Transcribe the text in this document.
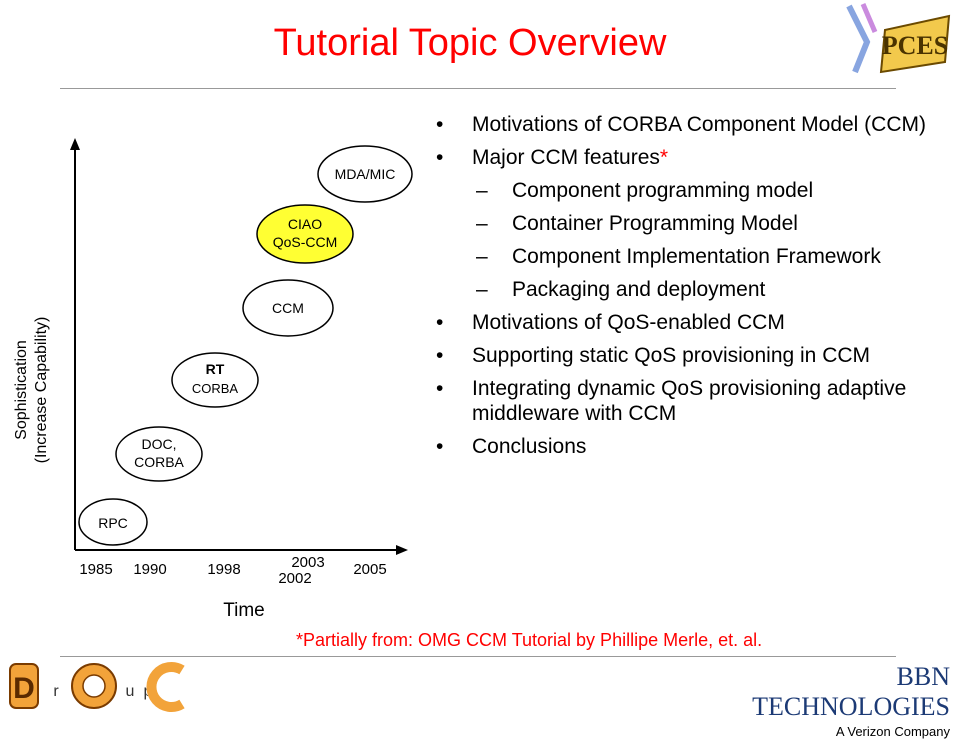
Tutorial Topic Overview	PCES
Sophistication (Increase Capability)
1985 1990	1998	2003
2002
2005
Time
RPC
DOC,
CORBA
RT
CORBA
CCM
CIAO
QoS-CCM
MDA/MIC
• Motivations of CORBA Component Model (CCM)
• Major CCM features*
– Component programming model
– Container Programming Model
– Component Implementation Framework
– Packaging and deployment
• Motivations of QoS-enabled CCM
• Supporting static QoS provisioning in CCM
• Integrating dynamic QoS provisioning adaptive middleware with CCM
• Conclusions
*Partially from: OMG CCM Tutorial by Phillipe Merle, et. al.
D r	u p
BBN TECHNOLOGIES
A Verizon Company
